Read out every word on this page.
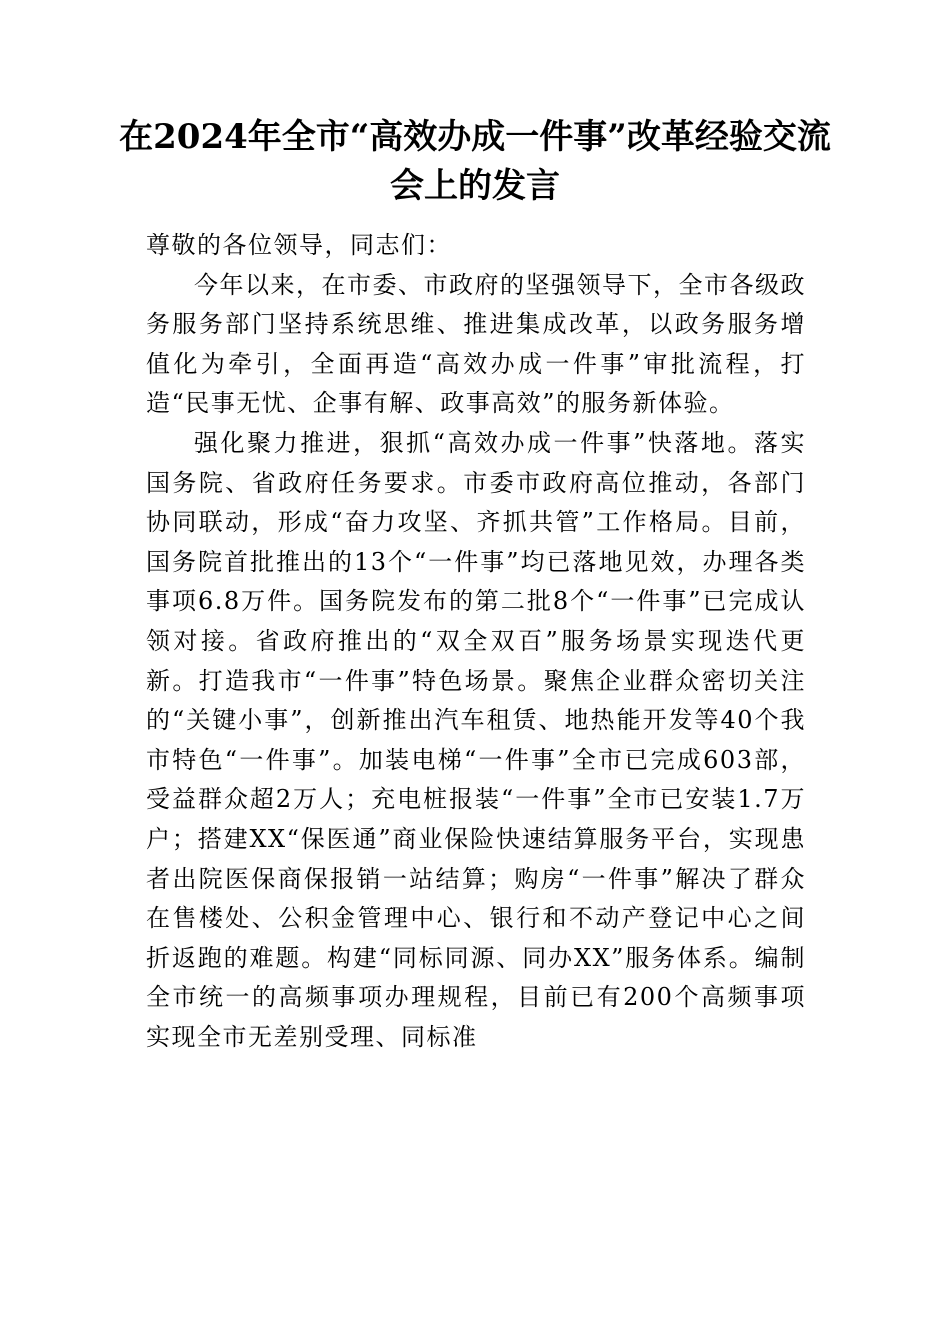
在2024年全市“高效办成一件事”改革经验交流会上的发言

尊敬的各位领导，同志们：

今年以来，在市委、市政府的坚强领导下，全市各级政务服务部门坚持系统思维、推进集成改革，以政务服务增值化为牵引，全面再造“高效办成一件事”审批流程，打造“民事无忧、企事有解、政事高效”的服务新体验。

强化聚力推进，狠抓“高效办成一件事”快落地。落实国务院、省政府任务要求。市委市政府高位推动，各部门协同联动，形成“奋力攻坚、齐抓共管”工作格局。目前，国务院首批推出的13个“一件事”均已落地见效，办理各类事项6.8万件。国务院发布的第二批8个“一件事”已完成认领对接。省政府推出的“双全双百”服务场景实现迭代更新。打造我市“一件事”特色场景。聚焦企业群众密切关注的“关键小事”，创新推出汽车租赁、地热能开发等40个我市特色“一件事”。加装电梯“一件事”全市已完成603部，受益群众超2万人；充电桩报装“一件事”全市已安装1.7万户；搭建XX“保医通”商业保险快速结算服务平台，实现患者出院医保商保报销一站结算；购房“一件事”解决了群众在售楼处、公积金管理中心、银行和不动产登记中心之间折返跑的难题。构建“同标同源、同办XX”服务体系。编制全市统一的高频事项办理规程，目前已有200个高频事项实现全市无差别受理、同标准
